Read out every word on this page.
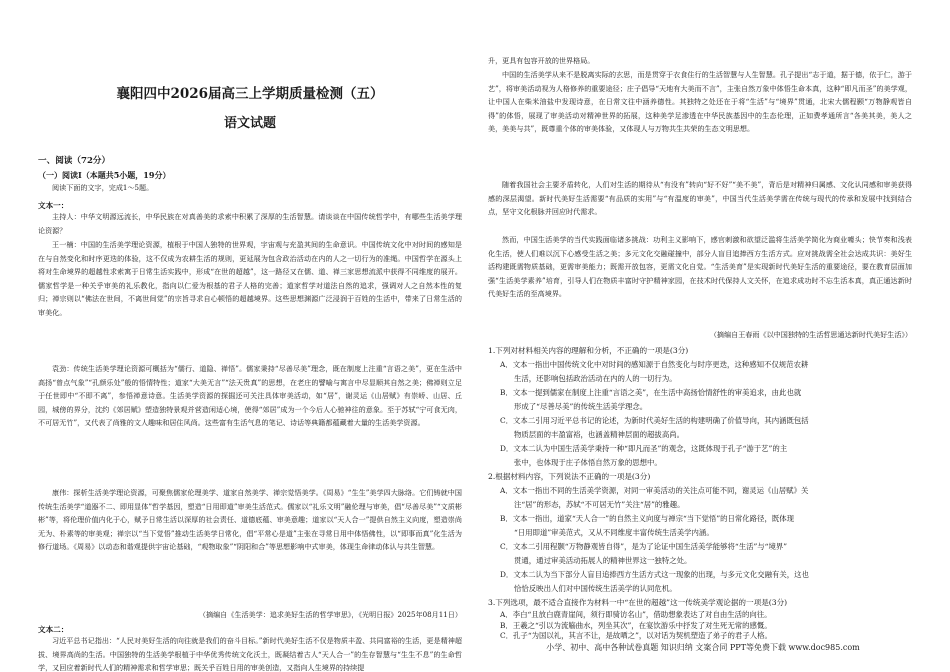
襄阳四中2026届高三上学期质量检测（五）
语文试题
一、阅读（72分）
（一）阅读Ⅰ（本题共5小题，19分）
阅读下面的文字，完成1～5题。
文本一：
主持人：中华文明源远流长，中华民族在对真善美的求索中积累了深厚的生活智慧。请谈谈在中国传统哲学中，有哪些生活美学理论资源？
王一楠：中国的生活美学理论资源，植根于中国人独特的世界观，宇宙观与充盈其间的生命意识。中国传统文化中对时间的感知是在与自然变化和时序更迭的体验，这不仅成为农耕生活的规则，更延展为包含政治活动在内的人之一切行为的准绳。中国哲学在源头上将对生命境界的超越性求索寓于日常生活实践中，形成“在世的超越”，这一路径又在儒、道、禅三家思想流派中获得不同维度的展开。儒家哲学是一种关乎审美的礼乐教化，指向以仁爱为根基的君子人格的完善；道家哲学对道法自然的追求，强调对人之自然本性的复归；禅宗则以“佛法在世间，不离世间觉”的宗旨寻求自心顿悟的超越境界。这些思想渊源广泛浸润于百姓的生活中，带来了日常生活的审美化。
袁劲：传统生活美学理论资源可概括为“儒行、道隐、禅悟”。儒家秉持“尽善尽美”理念，既在制度上注重“言语之美”，更在生活中高扬“曾点气象”“孔颜乐处”般的悟情特性；道家“大美无言”“法天贵真”的思想，在老庄的譬喻与寓言中尽显顺其自然之美；佛禅则立足于任世即中“不即不离”，参悟禅意诗意。生活美学资源的探掘还可关注具体审美活动，如“居”，谢灵运《山居赋》有崇峤、山居、丘园，城傍的界分，沈约《郊居赋》塑造独特景观并营造闲适心境，使得“郊居”成为一个今后人心驰神往的意象。至于苏轼“宁可食无肉，不可居无竹”，又代表了尚雅的文人趣味和居住风尚。这些富有生活气息的笔记、诗话等典籍都蕴藏着大量的生活美学资源。
康伟：探析生活美学理论资源，可聚焦儒家伦理美学、道家自然美学、禅宗觉悟美学。《周易》“生生”美学四大脉络。它们铸就中国传统生活美学“道器不二、即用显体”哲学基因，塑造“日用即道”审美生活范式。儒家以“礼乐文明”融伦理与审美，倡“尽善尽美”“文质彬彬”等，将伦理价值内化于心，赋予日常生活以深厚的社会责任、道德底蕴、审美意趣；道家以“天人合一”提供自然主义向度，塑造崇尚无为、朴素等的审美观；禅宗以“当下觉悟”推动生活美学日常化，倡“平常心是道”主张在寻常日用中体悟佛性，以“即事而真”化生活为修行道场。《周易》以动态和谐观提供宇宙论基础，“观物取象”“阴阳和合”等思想影响中式审美，体现生命律动体认与共生智慧。
（摘编自《生活美学：追求美好生活的哲学审思》，《光明日报》2025年08月11日）
文本二：
习近平总书记指出：“人民对美好生活的向往就是我们的奋斗目标。”新时代美好生活不仅是物质丰盈、共同富裕的生活，更是精神超拔、境界高尚的生活。中国独特的生活美学根植于中华优秀传统文化沃土，既凝结着古人“天人合一”的生存智慧与“生生不息”的生命哲学，又回应着新时代人们的精神需求和哲学审思；既关乎百姓日用的审美创造，又指向人生境界的持续提
升，更具有包容开放的世界格局。
中国的生活美学从来不是脱离实际的玄思，而是贯穿于衣食住行的生活智慧与人生智慧。孔子提出“志于道，据于德，依于仁，游于艺”，将审美活动视为人格修养的重要途径；庄子倡导“天地有大美而不言”，主张自然万象中体悟生命本真，这种“即凡而圣”的美学观，让中国人在柴米油盐中发现诗意，在日常文往中涵养德性。其独特之处还在于将“生活”与“境界”贯通，北宋大儒程颢“万物静观皆自得”的体悟，展现了审美活动对精神世界的拓展，这种美学足渗透在中华民族基因中的生态伦理，正如费孝通所言“各美其美，美人之美，美美与共”，既尊重个体的审美体验，又体现人与万物共生共荣的生态文明思想。
随着我国社会主要矛盾转化，人们对生活的期待从“有没有”转向“好不好”“美不美”，背后是对精神归属感、文化认同感和审美获得感的深层渴望。新时代美好生活需要“有品质的实用”与“有温度的审美”，中国当代生活美学需在传统与现代的传承和发展中找到结合点，坚守文化根脉并回应时代需求。
然而，中国生活美学的当代实践面临诸多挑战：功利主义影响下，感官刺激和欲望泛滥将生活美学简化为商业噱头；快节奏和浅表化生活，使人们难以沉下心感受生活之美；多元文化交融碰撞中，部分人盲目追捧西方生活方式。应对挑战需全社会达成共识：美好生活构建既需物质基础，更需审美能力；既需开放包容，更需文化自觉。“生活美育”是实现新时代美好生活的重要途径，要在教育层面加强“生活美学素养”培育，引导人们在物质丰富时守护精神家园，在技术时代保持人文关怀，在追求成功时不忘生活本真，真正通达新时代美好生活的至高境界。
（摘编自王春雨《以中国独特的生活哲思通达新时代美好生活》）
1.下列对材料相关内容的理解和分析，不正确的一项是(3分)
A．文本一指出中国传统文化中对时间的感知源于自然变化与时序更迭，这种感知不仅规范农耕
生活，还影响包括政治活动在内的人的一切行为。
B．文本一提到儒家在制度上注重“言语之美”，在生活中高扬恰情舒性的审美追求，由此也就
形成了“尽善尽美”的传统生活美学理念。
C．文本二引用习近平总书记的论述，为新时代美好生活的构建明确了价值导向，其内涵既包括
物质层面的丰盈富裕，也涵盖精神层面的超拔高尚。
D．文本二认为中国生活美学秉持一种“即凡而圣”的观念，这既体现于孔子“游于艺”的主
张中，也体现于庄子体悟自然万象的思想中。
2.根据材料内容，下列说法不正确的一项是(3分)
A．文本一指出不同的生活美学资源，对同一审美活动的关注点可能不同，谢灵运《山居赋》关
注“居”的形态，苏轼“不可居无竹”关注“居”的雅趣。
B．文本一指出，道家“天人合一”的自然主义向度与禅宗“当下觉悟”的日常化路径，既体现
“日用即道”审美范式，又从不同维度丰富传统生活美学内涵。
C．文本二引用程颢“万物静观皆自得”，是为了论证中国生活美学能够将“生活”与“境界”
贯通，通过审美活动拓展人的精神世界这一独特之处。
D．文本二认为当下部分人盲目追捧西方生活方式这一现象的出现，与多元文化交融有关，这也
恰恰反映出人们对中国传统生活美学的认同危机。
3.下列选项，最不适合直接作为材料一中“在世的超越”这一传统美学观论据的一项是(3分)
A．李白“且放白鹿青崖间，须行即骑访名山”，借助想象表达了对自由生活的向往。
B．王羲之“引以为流觞曲水，列坐其次”，在宴饮游乐中抒发了对生死无常的感慨。
C．孔子“为国以礼，其言不让，是故哂之”，以对话为契机塑造了弟子的君子人格。
小学、初中、高中各种试卷真题 知识归纳 文案合同 PPT等免费下载 www.doc985.com
